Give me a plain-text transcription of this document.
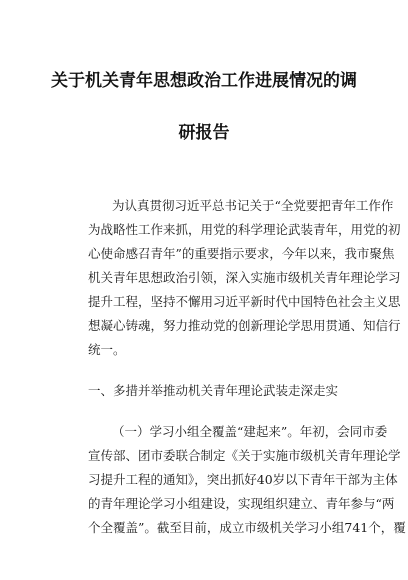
关于机关青年思想政治工作进展情况的调
研报告

为认真贯彻习近平总书记关于“全党要把青年工作作

为战略性工作来抓，用党的科学理论武装青年，用党的初

心使命感召青年”的重要指示要求，今年以来，我市聚焦

机关青年思想政治引领，深入实施市级机关青年理论学习

提升工程，坚持不懈用习近平新时代中国特色社会主义思

想凝心铸魂，努力推动党的创新理论学思用贯通、知信行

统一。

一、多措并举推动机关青年理论武装走深走实

（一）学习小组全覆盖“建起来”。年初，会同市委

宣传部、团市委联合制定《关于实施市级机关青年理论学

习提升工程的通知》，突出抓好40岁以下青年干部为主体

的青年理论学习小组建设，实现组织建立、青年参与“两

个全覆盖”。截至目前，成立市级机关学习小组741个，覆
